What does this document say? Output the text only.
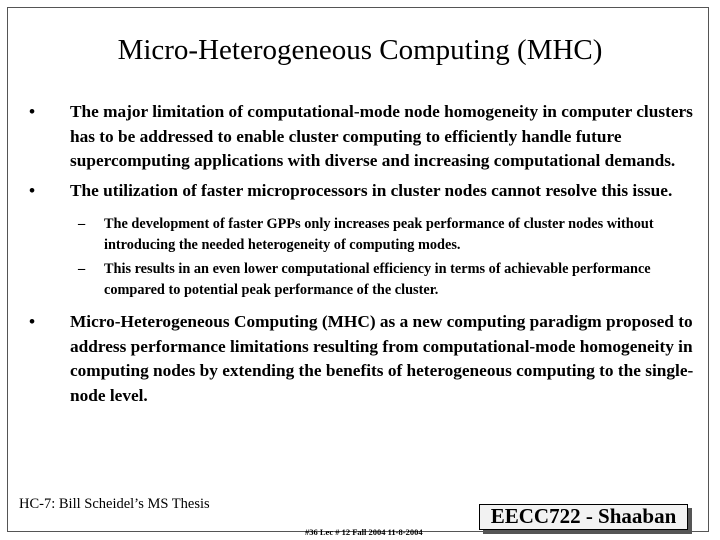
Micro-Heterogeneous Computing (MHC)
• The major limitation of computational-mode node homogeneity in computer clusters has to be addressed to enable cluster computing to efficiently handle future supercomputing applications with diverse and increasing computational demands.
• The utilization of faster microprocessors in cluster nodes cannot resolve this issue.
– The development of faster GPPs only increases peak performance of cluster nodes without introducing the needed heterogeneity of computing modes.
– This results in an even lower computational efficiency in terms of achievable performance compared to potential peak performance of the cluster.
• Micro-Heterogeneous Computing (MHC) as a new computing paradigm proposed to address performance limitations resulting from computational-mode homogeneity in computing nodes by extending the benefits of heterogeneous computing to the single-node level.
HC-7: Bill Scheidel’s MS Thesis	EECC722 - Shaaban
#36 Lec # 12 Fall 2004 11-8-2004
